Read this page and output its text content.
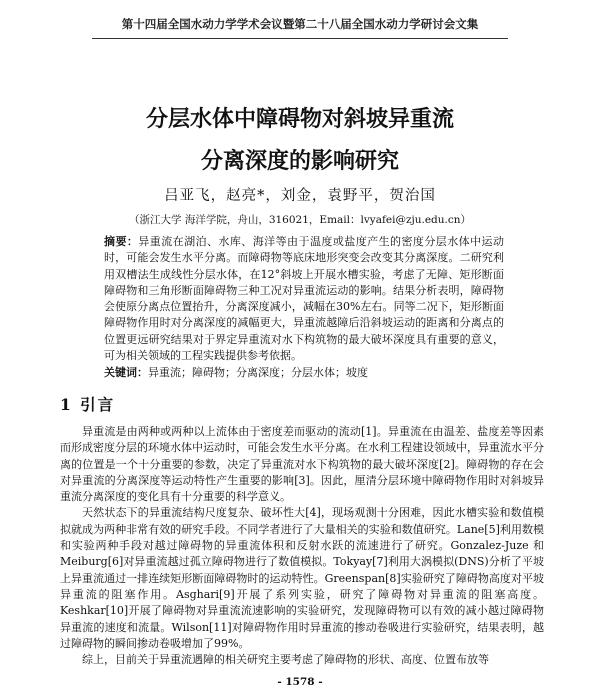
第十四届全国水动力学学术会议暨第二十八届全国水动力学研讨会文集
分层水体中障碍物对斜坡异重流
分离深度的影响研究
吕亚飞，赵亮*，刘金，袁野平，贺治国
（浙江大学 海洋学院，舟山，316021，Email：lvyafei@zju.edu.cn）
摘要：异重流在湖泊、水库、海洋等由于温度或盐度产生的密度分层水体中运动时，可能会发生水平分离。而障碍物等底床地形突变会改变其分离深度。二研究利用双槽法生成线性分层水体，在12°斜坡上开展水槽实验，考虑了无障、矩形断面障碍物和三角形断面障碍物三种工况对异重流运动的影响。结果分析表明，障碍物会使原分离点位置抬升，分离深度减小，减幅在30%左右。同等二况下，矩形断面障碍物作用时对分离深度的减幅更大，异重流越障后沿斜坡运动的距离和分离点的位置更远研究结果对于界定异重流对水下构筑物的最大破坏深度具有重要的意义，可为相关领域的工程实践提供参考依据。
关键词：异重流；障碍物；分离深度；分层水体；坡度
1 引言

异重流是由两种或两种以上流体由于密度差而驱动的流动[1]。异重流在由温差、盐度差等因素而形成密度分层的环境水体中运动时，可能会发生水平分离。在水利工程建设领域中，异重流水平分离的位置是一个十分重要的参数，决定了异重流对水下构筑物的最大破坏深度[2]。障碍物的存在会对异重流的分离深度等运动特性产生重要的影响[3]。因此，厘清分层环境中障碍物作用时对斜坡异重流分离深度的变化具有十分重要的科学意义。

天然状态下的异重流结构尺度复杂、破坏性大[4]，现场观测十分困难，因此水槽实验和数值模拟就成为两种非常有效的研究手段。不同学者进行了大量相关的实验和数值研究。Lane[5]利用数模和实验两种手段对越过障碍物的异重流体积和反射水跃的流速进行了研究。Gonzalez-Juze 和 Meiburg[6]对异重流越过孤立障碍物进行了数值模拟。Tokyay[7]利用大涡模拟(DNS)分析了平坡上异重流通过一排连续矩形断面障碍物时的运动特性。Greenspan[8]实验研究了障碍物高度对平坡异重流的阻塞作用。Asghari[9]开展了系列实验，研究了障碍物对异重流的阻塞高度。Keshkar[10]开展了障碍物对异重流流速影响的实验研究，发现障碍物可以有效的减小越过障碍物异重流的速度和流量。Wilson[11]对障碍物作用时异重流的掺动卷吸进行实验研究，结果表明，越过障碍物的瞬间掺动卷吸增加了99%。

综上，目前关于异重流遇障的相关研究主要考虑了障碍物的形状、高度、位置布放等

- 1578 -
